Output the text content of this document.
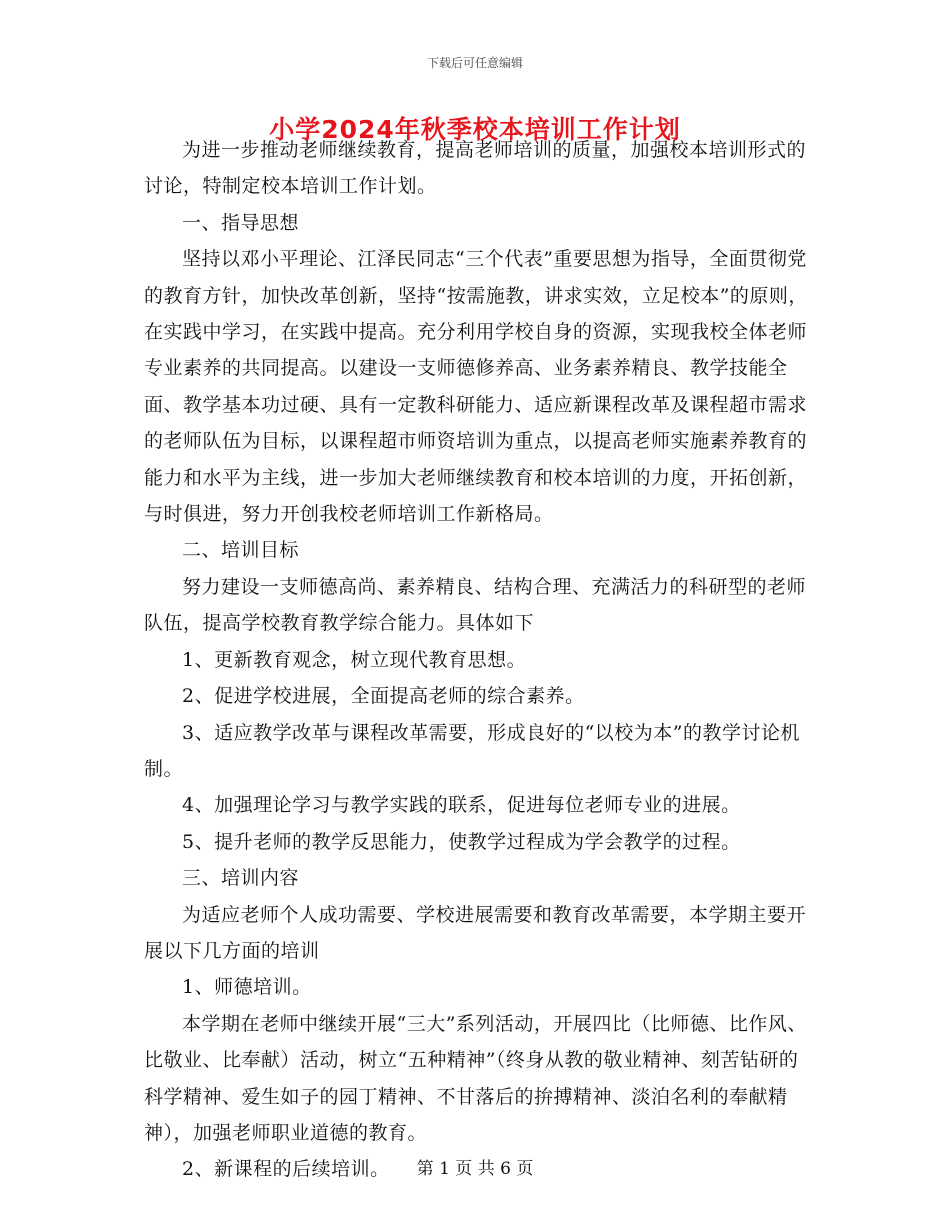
下载后可任意编辑
小学2024年秋季校本培训工作计划

为进一步推动老师继续教育，提高老师培训的质量，加强校本培训形式的讨论，特制定校本培训工作计划。

一、指导思想

坚持以邓小平理论、江泽民同志“三个代表”重要思想为指导，全面贯彻党的教育方针，加快改革创新，坚持“按需施教，讲求实效，立足校本”的原则，在实践中学习，在实践中提高。充分利用学校自身的资源，实现我校全体老师专业素养的共同提高。以建设一支师德修养高、业务素养精良、教学技能全面、教学基本功过硬、具有一定教科研能力、适应新课程改革及课程超市需求的老师队伍为目标，以课程超市师资培训为重点，以提高老师实施素养教育的能力和水平为主线，进一步加大老师继续教育和校本培训的力度，开拓创新，与时俱进，努力开创我校老师培训工作新格局。

二、培训目标

努力建设一支师德高尚、素养精良、结构合理、充满活力的科研型的老师队伍，提高学校教育教学综合能力。具体如下

1、更新教育观念，树立现代教育思想。

2、促进学校进展，全面提高老师的综合素养。

3、适应教学改革与课程改革需要，形成良好的“以校为本”的教学讨论机制。

4、加强理论学习与教学实践的联系，促进每位老师专业的进展。

5、提升老师的教学反思能力，使教学过程成为学会教学的过程。

三、培训内容

为适应老师个人成功需要、学校进展需要和教育改革需要，本学期主要开展以下几方面的培训

1、师德培训。

本学期在老师中继续开展“三大”系列活动，开展四比（比师德、比作风、比敬业、比奉献）活动，树立“五种精神”（终身从教的敬业精神、刻苦钻研的科学精神、爱生如子的园丁精神、不甘落后的拚搏精神、淡泊名利的奉献精神），加强老师职业道德的教育。

2、新课程的后续培训。	第 1 页 共 6 页
